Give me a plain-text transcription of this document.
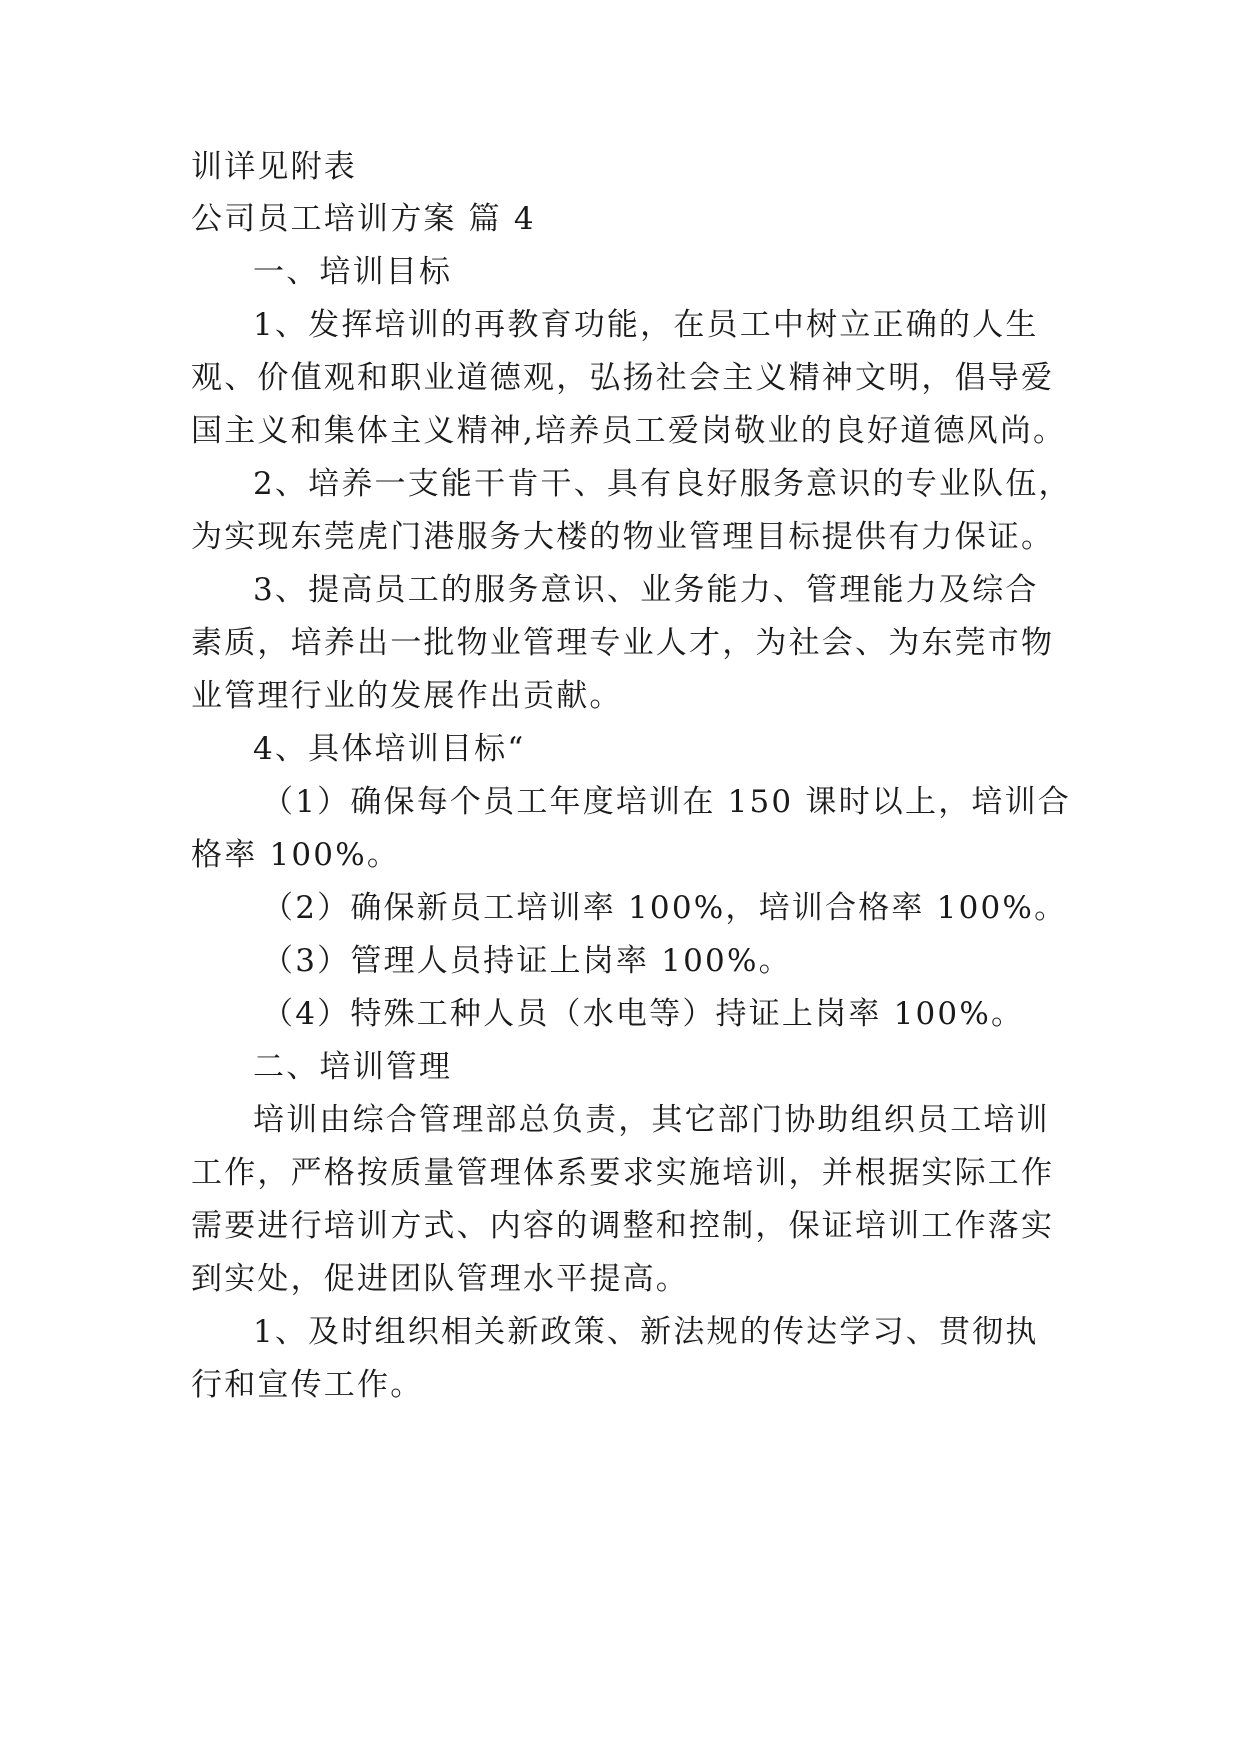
训详见附表
公司员工培训方案 篇 4
一、培训目标
1、发挥培训的再教育功能，在员工中树立正确的人生
观、价值观和职业道德观，弘扬社会主义精神文明，倡导爱
国主义和集体主义精神,培养员工爱岗敬业的良好道德风尚。
2、培养一支能干肯干、具有良好服务意识的专业队伍，
为实现东莞虎门港服务大楼的物业管理目标提供有力保证。
3、提高员工的服务意识、业务能力、管理能力及综合
素质，培养出一批物业管理专业人才，为社会、为东莞市物
业管理行业的发展作出贡献。
4、具体培训目标“
（1）确保每个员工年度培训在 150 课时以上，培训合
格率 100%。
（2）确保新员工培训率 100%，培训合格率 100%。
（3）管理人员持证上岗率 100%。
（4）特殊工种人员（水电等）持证上岗率 100%。
二、培训管理
培训由综合管理部总负责，其它部门协助组织员工培训
工作，严格按质量管理体系要求实施培训，并根据实际工作
需要进行培训方式、内容的调整和控制，保证培训工作落实
到实处，促进团队管理水平提高。
1、及时组织相关新政策、新法规的传达学习、贯彻执
行和宣传工作。
